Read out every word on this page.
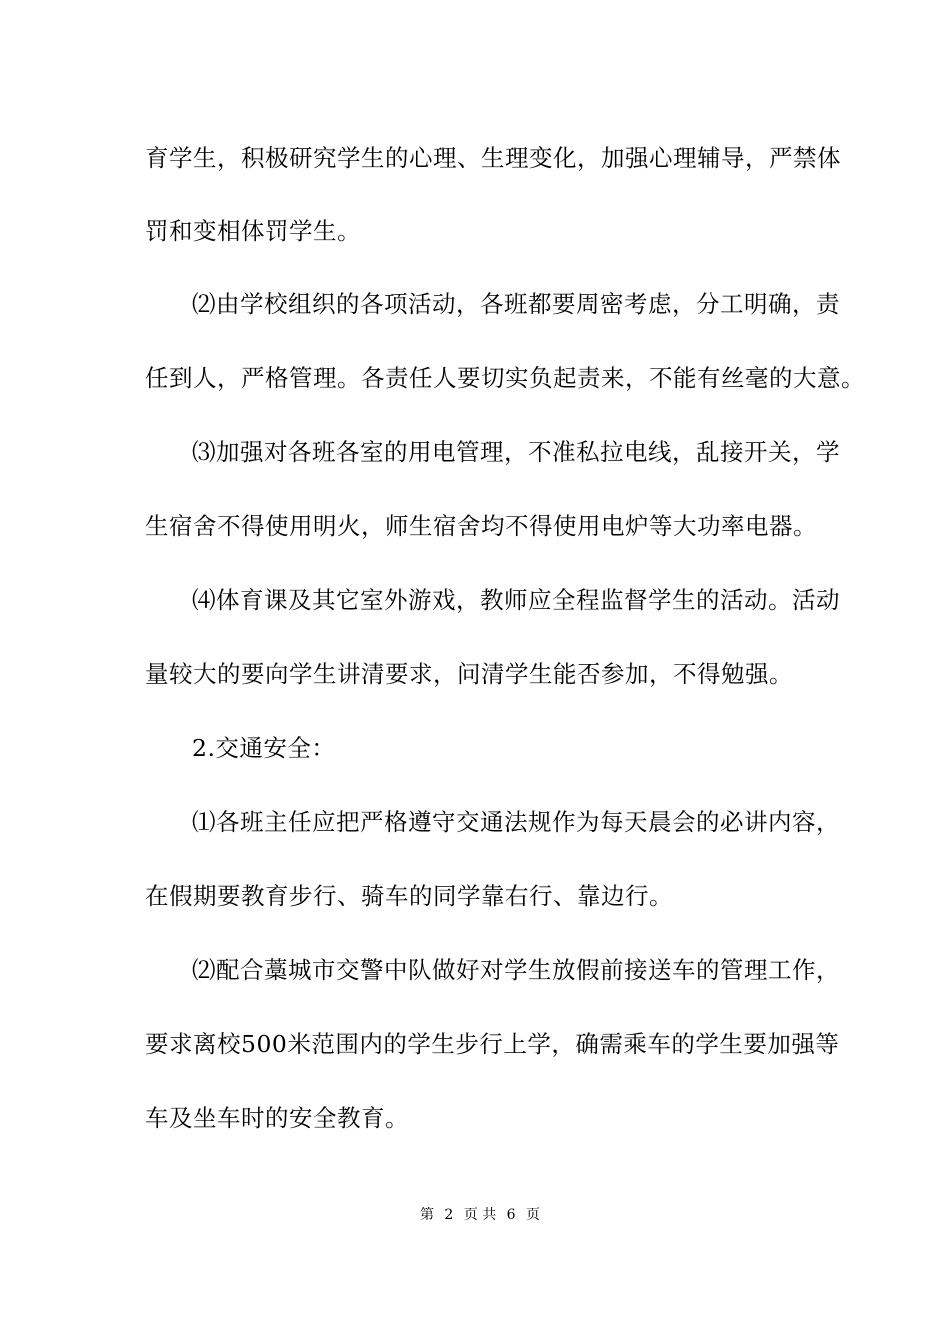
育学生，积极研究学生的心理、生理变化，加强心理辅导，严禁体
罚和变相体罚学生。
⑵由学校组织的各项活动，各班都要周密考虑，分工明确，责
任到人，严格管理。各责任人要切实负起责来，不能有丝毫的大意。
⑶加强对各班各室的用电管理，不准私拉电线，乱接开关，学
生宿舍不得使用明火，师生宿舍均不得使用电炉等大功率电器。
⑷体育课及其它室外游戏，教师应全程监督学生的活动。活动
量较大的要向学生讲清要求，问清学生能否参加，不得勉强。
2.交通安全：
⑴各班主任应把严格遵守交通法规作为每天晨会的必讲内容，
在假期要教育步行、骑车的同学靠右行、靠边行。
⑵配合藁城市交警中队做好对学生放假前接送车的管理工作，
要求离校500米范围内的学生步行上学，确需乘车的学生要加强等
车及坐车时的安全教育。
第 2 页 共 6 页
